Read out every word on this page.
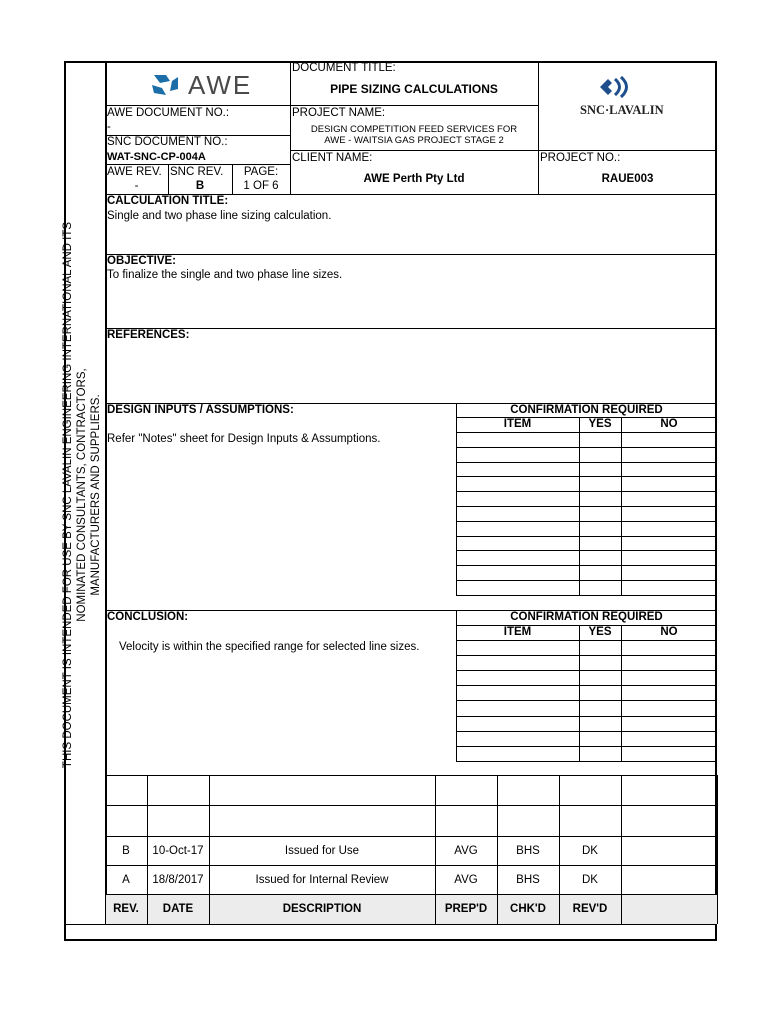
THIS DOCUMENT IS INTENDED FOR USE BY SNC LAVALIN ENGINEERING INTERNATIONAL AND ITS NOMINATED CONSULTANTS, CONTRACTORS, MANUFACTURERS AND SUPPLIERS.
AWE
SNC·LAVALIN
DOCUMENT TITLE:
PIPE SIZING CALCULATIONS
AWE DOCUMENT NO.:
-
PROJECT NAME:
DESIGN COMPETITION FEED SERVICES FOR
AWE - WAITSIA GAS PROJECT STAGE 2
SNC DOCUMENT NO.:
WAT-SNC-CP-004A	CLIENT NAME:
AWE Perth Pty Ltd
PROJECT NO.:
RAUE003
AWE REV.
-
SNC REV.
B
PAGE:
1 OF 6
CALCULATION TITLE:
Single and two phase line sizing calculation.
OBJECTIVE:
To finalize the single and two phase line sizes.
REFERENCES:
DESIGN INPUTS / ASSUMPTIONS:
Refer "Notes" sheet for Design Inputs & Assumptions.
CONFIRMATION REQUIRED
ITEM	YES	NO
CONCLUSION:
Velocity is within the specified range for selected line sizes.
CONFIRMATION REQUIRED
ITEM	YES	NO
B	10-Oct-17	Issued for Use	AVG	BHS	DK
A	18/8/2017	Issued for Internal Review	AVG	BHS	DK
REV.	DATE	DESCRIPTION	PREP'D	CHK'D	REV'D
